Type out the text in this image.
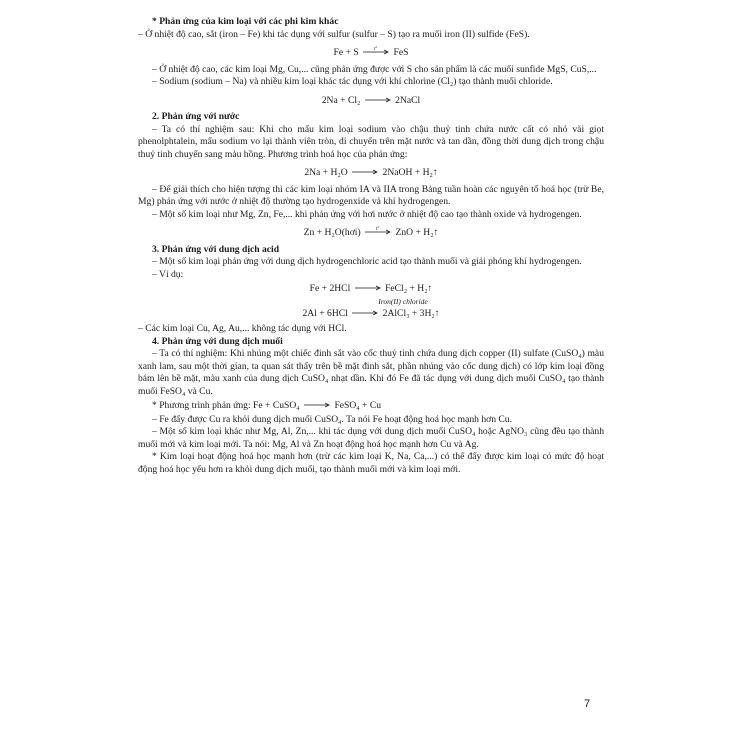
* Phản ứng của kim loại với các phi kim khác

– Ở nhiệt độ cao, sắt (iron – Fe) khi tác dụng với sulfur (sulfur – S) tạo ra muối iron (II) sulfide (FeS).

Fe + S	t° FeS

– Ở nhiệt độ cao, các kim loại Mg, Cu,... cũng phản ứng được với S cho sản phẩm là các muối sunfide MgS, CuS,...

– Sodium (sodium – Na) và nhiều kim loại khác tác dụng với khí chlorine (Cl₂) tạo thành muối chloride.

2Na + Cl₂ → 2NaCl

2. Phản ứng với nước

– Ta có thí nghiệm sau: Khi cho mẩu kim loại sodium vào chậu thuỷ tinh chứa nước cất có nhỏ vài giọt phenolphtalein, mẩu sodium vo lại thành viên tròn, di chuyển trên mặt nước và tan dần, đồng thời dung dịch trong chậu thuỷ tinh chuyển sang màu hồng. Phương trình hoá học của phản ứng:

2Na + H₂O → 2NaOH + H₂↑

– Để giải thích cho hiện tượng thì các kim loại nhóm IA và IIA trong Bảng tuần hoàn các nguyên tố hoá học (trừ Be, Mg) phản ứng với nước ở nhiệt độ thường tạo hydrogenxide và khí hydrogengen.

– Một số kim loại như Mg, Zn, Fe,... khi phản ứng với hơi nước ở nhiệt độ cao tạo thành oxide và hydrogengen.

Zn + H₂O(hơi)	t° ZnO + H₂↑

3. Phản ứng với dung dịch acid

– Một số kim loại phản ứng với dung dịch hydrogenchloric acid tạo thành muối và giải phóng khí hydrogengen.

– Ví dụ:

Fe + 2HCl → FeCl₂ + H₂↑
Iron(II) chloride
2Al + 6HCl → 2AlCl₃ + 3H₂↑

– Các kim loại Cu, Ag, Au,... không tác dụng với HCl.

4. Phản ứng với dung dịch muối

– Ta có thí nghiệm: Khi nhúng một chiếc đinh sắt vào cốc thuỷ tinh chứa dung dịch copper (II) sulfate (CuSO₄) màu xanh lam, sau một thời gian, ta quan sát thấy trên bề mặt đinh sắt, phần nhúng vào cốc dung dịch) có lớp kim loại đồng bám lên bề mặt, màu xanh của dung dịch CuSO₄ nhạt dần. Khi đó Fe đã tác dụng với dung dịch muối CuSO₄ tạo thành muối FeSO₄ và Cu.

* Phương trình phản ứng: Fe + CuSO₄ → FeSO₄ + Cu

– Fe đẩy được Cu ra khỏi dung dịch muối CuSO₄. Ta nói Fe hoạt động hoá học mạnh hơn Cu.

– Một số kim loại khác như Mg, Al, Zn,... khi tác dụng với dung dịch muối CuSO₄ hoặc AgNO₃ cũng đều tạo thành muối mới và kim loại mới. Ta nói: Mg, Al và Zn hoạt động hoá học mạnh hơn Cu và Ag.

* Kim loại hoạt động hoá học mạnh hơn (trừ các kim loại K, Na, Ca,...) có thể đẩy được kim loại có mức độ hoạt động hoá học yếu hơn ra khỏi dung dịch muối, tạo thành muối mới và kim loại mới.

7
